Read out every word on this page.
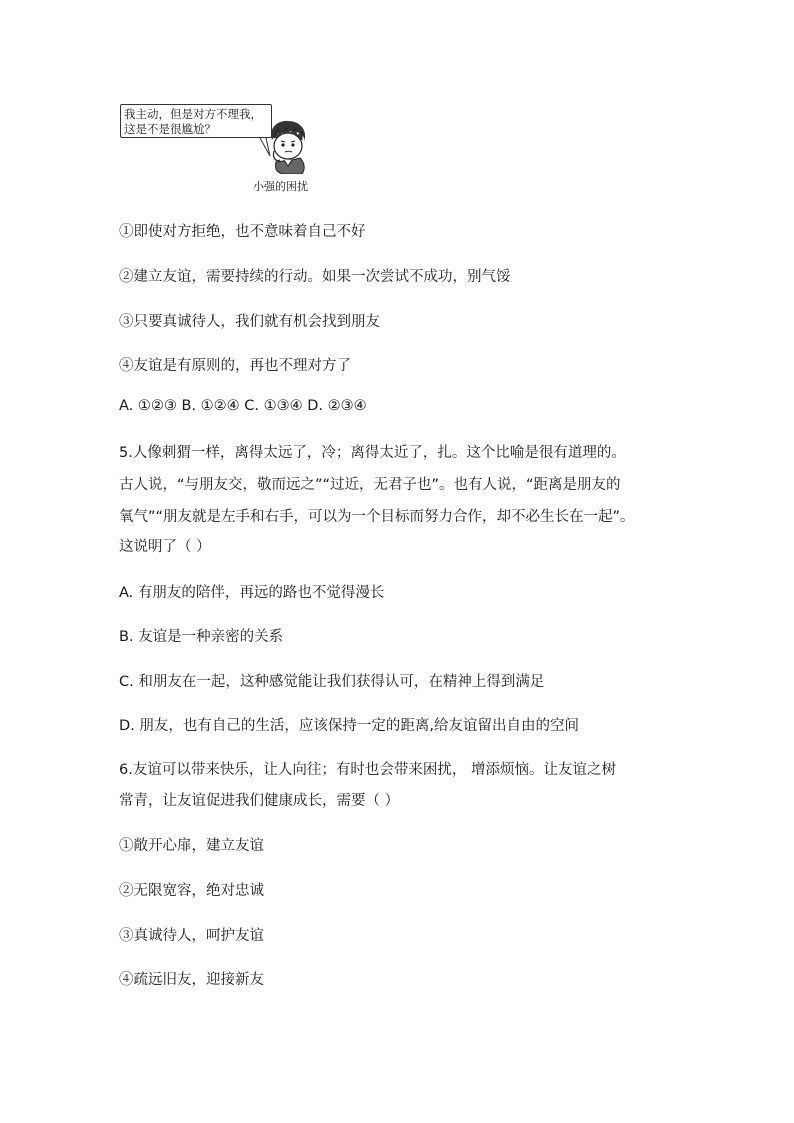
我主动，但是对方不理我，
这是不是很尴尬？
小强的困扰
①即使对方拒绝，也不意味着自己不好
②建立友谊，需要持续的行动。如果一次尝试不成功，别气馁
③只要真诚待人，我们就有机会找到朋友
④友谊是有原则的，再也不理对方了
A. ①②③ B. ①②④ C. ①③④ D. ②③④
5.人像刺猬一样，离得太远了，冷；离得太近了，扎。这个比喻是很有道理的。
古人说，“与朋友交，敬而远之”“过近，无君子也”。也有人说，“距离是朋友的
氧气”“朋友就是左手和右手，可以为一个目标而努力合作，却不必生长在一起”。
这说明了（ ）
A. 有朋友的陪伴，再远的路也不觉得漫长
B. 友谊是一种亲密的关系
C. 和朋友在一起，这种感觉能让我们获得认可，在精神上得到满足
D. 朋友，也有自己的生活，应该保持一定的距离,给友谊留出自由的空间
6.友谊可以带来快乐，让人向往；有时也会带来困扰， 增添烦恼。让友谊之树
常青，让友谊促进我们健康成长，需要（ ）
①敞开心扉，建立友谊
②无限宽容，绝对忠诚
③真诚待人，呵护友谊
④疏远旧友，迎接新友
